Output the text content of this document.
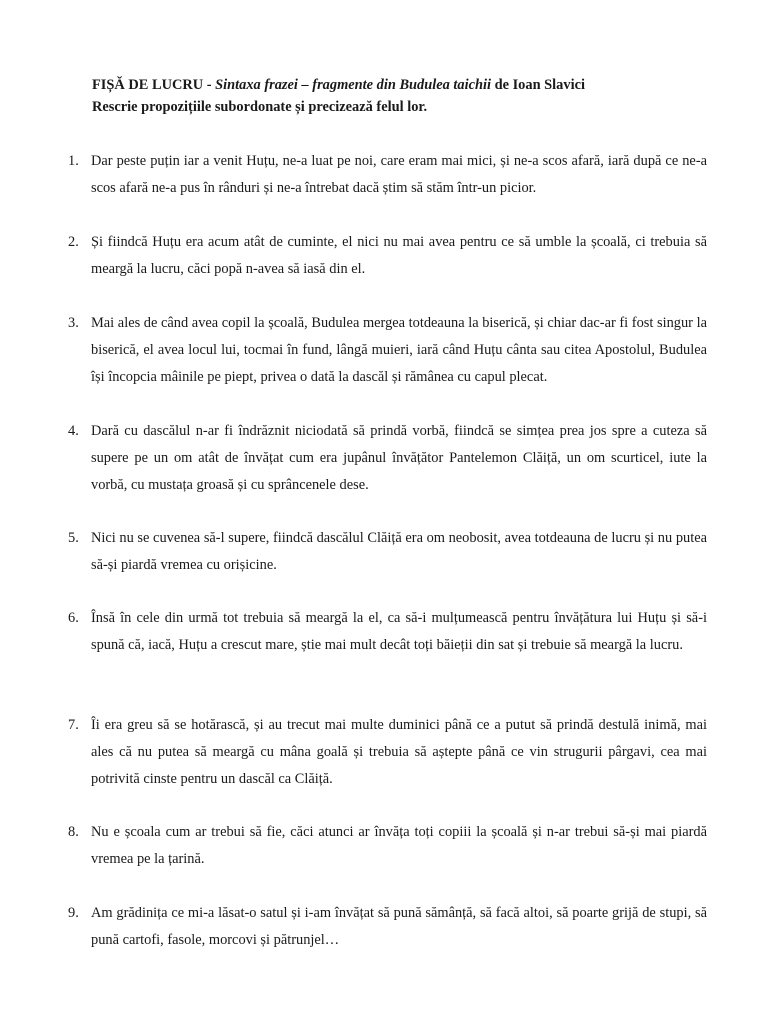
FIȘĂ DE LUCRU - Sintaxa frazei – fragmente din Budulea taichii de Ioan Slavici
Rescrie propozițiile subordonate și precizează felul lor.
1. Dar peste puțin iar a venit Huțu, ne-a luat pe noi, care eram mai mici, și ne-a scos afară, iară după ce ne-a scos afară ne-a pus în rânduri și ne-a întrebat dacă știm să stăm într-un picior.
2. Și fiindcă Huțu era acum atât de cuminte, el nici nu mai avea pentru ce să umble la școală, ci trebuia să meargă la lucru, căci popă n-avea să iasă din el.
3. Mai ales de când avea copil la școală, Budulea mergea totdeauna la biserică, și chiar dac-ar fi fost singur la biserică, el avea locul lui, tocmai în fund, lângă muieri, iară când Huțu cânta sau citea Apostolul, Budulea își încopcia mâinile pe piept, privea o dată la dascăl și rămânea cu capul plecat.
4. Dară cu dascălul n-ar fi îndrăznit niciodată să prindă vorbă, fiindcă se simțea prea jos spre a cuteza să supere pe un om atât de învățat cum era jupânul învățător Pantelemon Clăiță, un om scurticel, iute la vorbă, cu mustața groasă și cu sprâncenele dese.
5. Nici nu se cuvenea să-l supere, fiindcă dascălul Clăiță era om neobosit, avea totdeauna de lucru și nu putea să-și piardă vremea cu orișicine.
6. Însă în cele din urmă tot trebuia să meargă la el, ca să-i mulțumească pentru învățătura lui Huțu și să-i spună că, iacă, Huțu a crescut mare, știe mai mult decât toți băieții din sat și trebuie să meargă la lucru.
7. Îi era greu să se hotărască, și au trecut mai multe duminici până ce a putut să prindă destulă inimă, mai ales că nu putea să meargă cu mâna goală și trebuia să aștepte până ce vin strugurii pârgavi, cea mai potrivită cinste pentru un dascăl ca Clăiță.
8. Nu e școala cum ar trebui să fie, căci atunci ar învăța toți copiii la școală și n-ar trebui să-și mai piardă vremea pe la țarină.
9. Am grădinița ce mi-a lăsat-o satul și i-am învățat să pună sămânță, să facă altoi, să poarte grijă de stupi, să pună cartofi, fasole, morcovi și pătrunjel…
